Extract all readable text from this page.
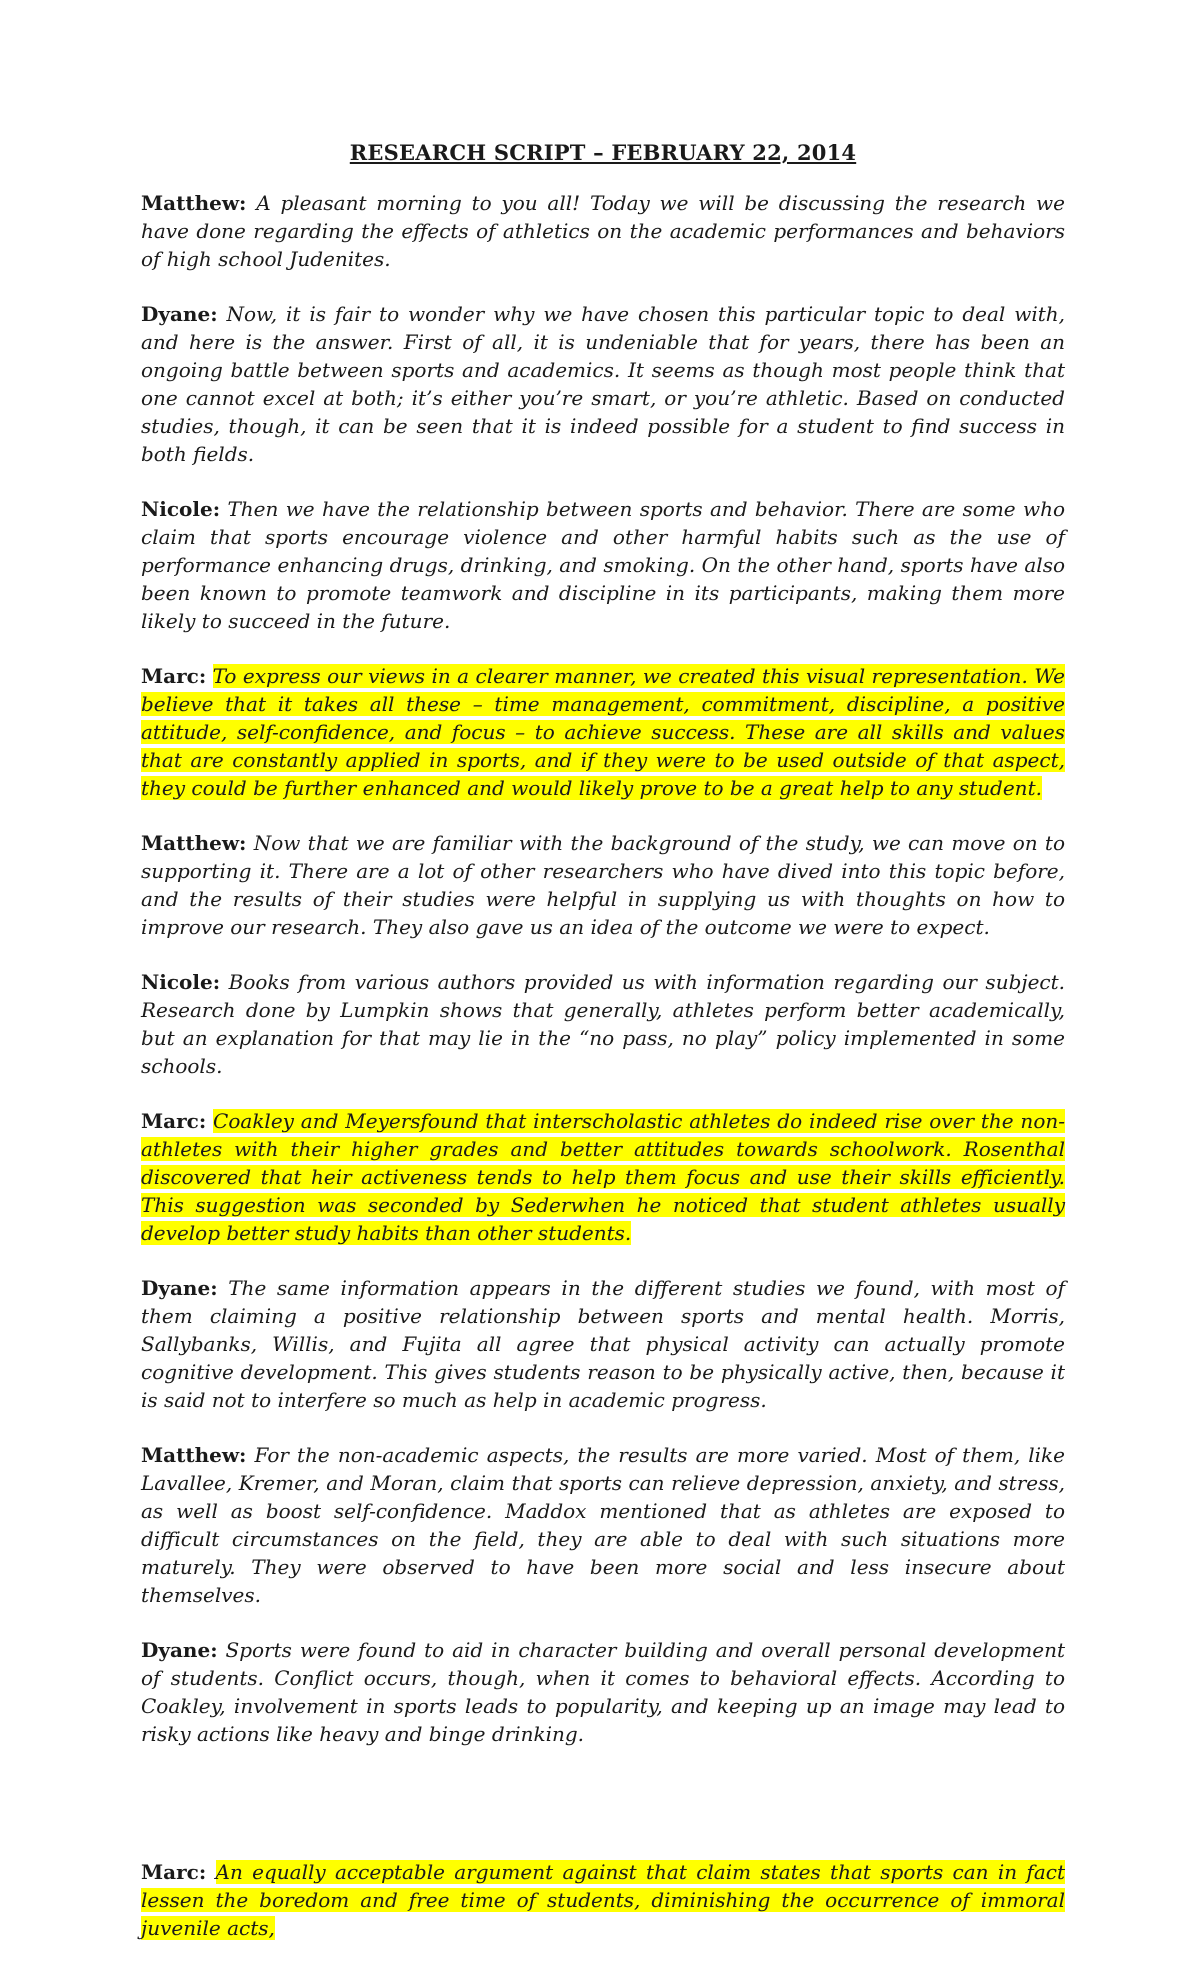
RESEARCH SCRIPT – FEBRUARY 22, 2014

Matthew: A pleasant morning to you all! Today we will be discussing the research we have done regarding the effects of athletics on the academic performances and behaviors of high school Judenites.

Dyane: Now, it is fair to wonder why we have chosen this particular topic to deal with, and here is the answer. First of all, it is undeniable that for years, there has been an ongoing battle between sports and academics. It seems as though most people think that one cannot excel at both; it’s either you’re smart, or you’re athletic. Based on conducted studies, though, it can be seen that it is indeed possible for a student to find success in both fields.

Nicole: Then we have the relationship between sports and behavior. There are some who claim that sports encourage violence and other harmful habits such as the use of performance enhancing drugs, drinking, and smoking. On the other hand, sports have also been known to promote teamwork and discipline in its participants, making them more likely to succeed in the future.

Marc: To express our views in a clearer manner, we created this visual representation. We believe that it takes all these – time management, commitment, discipline, a positive attitude, self-confidence, and focus – to achieve success. These are all skills and values that are constantly applied in sports, and if they were to be used outside of that aspect, they could be further enhanced and would likely prove to be a great help to any student.

Matthew: Now that we are familiar with the background of the study, we can move on to supporting it. There are a lot of other researchers who have dived into this topic before, and the results of their studies were helpful in supplying us with thoughts on how to improve our research. They also gave us an idea of the outcome we were to expect.

Nicole: Books from various authors provided us with information regarding our subject. Research done by Lumpkin shows that generally, athletes perform better academically, but an explanation for that may lie in the “no pass, no play” policy implemented in some schools.

Marc: Coakley and Meyersfound that interscholastic athletes do indeed rise over the non-athletes with their higher grades and better attitudes towards schoolwork. Rosenthal discovered that heir activeness tends to help them focus and use their skills efficiently. This suggestion was seconded by Sederwhen he noticed that student athletes usually develop better study habits than other students.

Dyane: The same information appears in the different studies we found, with most of them claiming a positive relationship between sports and mental health. Morris, Sallybanks, Willis, and Fujita all agree that physical activity can actually promote cognitive development. This gives students reason to be physically active, then, because it is said not to interfere so much as help in academic progress.

Matthew: For the non-academic aspects, the results are more varied. Most of them, like Lavallee, Kremer, and Moran, claim that sports can relieve depression, anxiety, and stress, as well as boost self-confidence. Maddox mentioned that as athletes are exposed to difficult circumstances on the field, they are able to deal with such situations more maturely. They were observed to have been more social and less insecure about themselves.

Dyane: Sports were found to aid in character building and overall personal development of students. Conflict occurs, though, when it comes to behavioral effects. According to Coakley, involvement in sports leads to popularity, and keeping up an image may lead to risky actions like heavy and binge drinking.

Marc: An equally acceptable argument against that claim states that sports can in fact lessen the boredom and free time of students, diminishing the occurrence of immoral juvenile acts,
